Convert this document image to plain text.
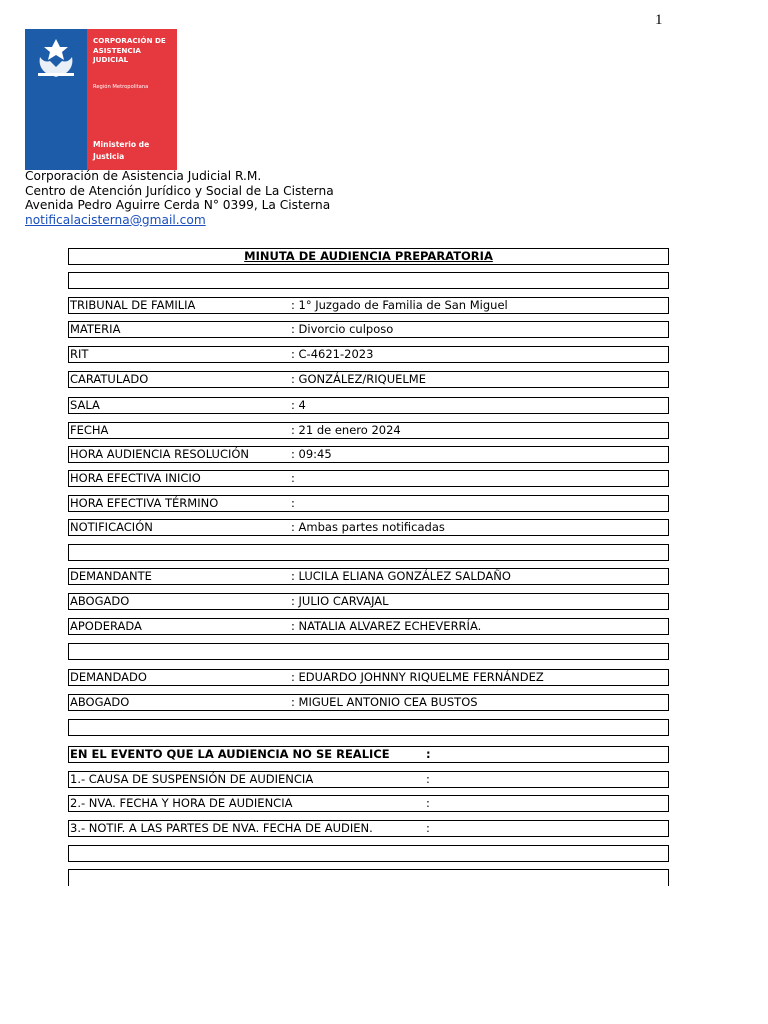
1
CORPORACIÓN DE ASISTENCIA JUDICIAL
Región Metropolitana
Ministerio de Justicia
Corporación de Asistencia Judicial R.M.
Centro de Atención Jurídico y Social de La Cisterna
Avenida Pedro Aguirre Cerda N° 0399, La Cisterna
notificalacisterna@gmail.com
MINUTA DE AUDIENCIA PREPARATORIA
TRIBUNAL DE FAMILIA	: 1° Juzgado de Familia de San Miguel
MATERIA	: Divorcio culposo
RIT	: C-4621-2023
CARATULADO	: GONZÁLEZ/RIQUELME
SALA	: 4
FECHA	: 21 de enero 2024
HORA AUDIENCIA RESOLUCIÓN	: 09:45
HORA EFECTIVA INICIO	:
HORA EFECTIVA TÉRMINO	:
NOTIFICACIÓN	: Ambas partes notificadas
DEMANDANTE	: LUCILA ELIANA GONZÁLEZ SALDAÑO
ABOGADO	: JULIO CARVAJAL
APODERADA	: NATALIA ALVAREZ ECHEVERRÍA.
DEMANDADO	: EDUARDO JOHNNY RIQUELME FERNÁNDEZ
ABOGADO	: MIGUEL ANTONIO CEA BUSTOS
EN EL EVENTO QUE LA AUDIENCIA NO SE REALICE	:
1.- CAUSA DE SUSPENSIÓN DE AUDIENCIA	:
2.- NVA. FECHA Y HORA DE AUDIENCIA	:
3.- NOTIF. A LAS PARTES DE NVA. FECHA DE AUDIEN.	:
